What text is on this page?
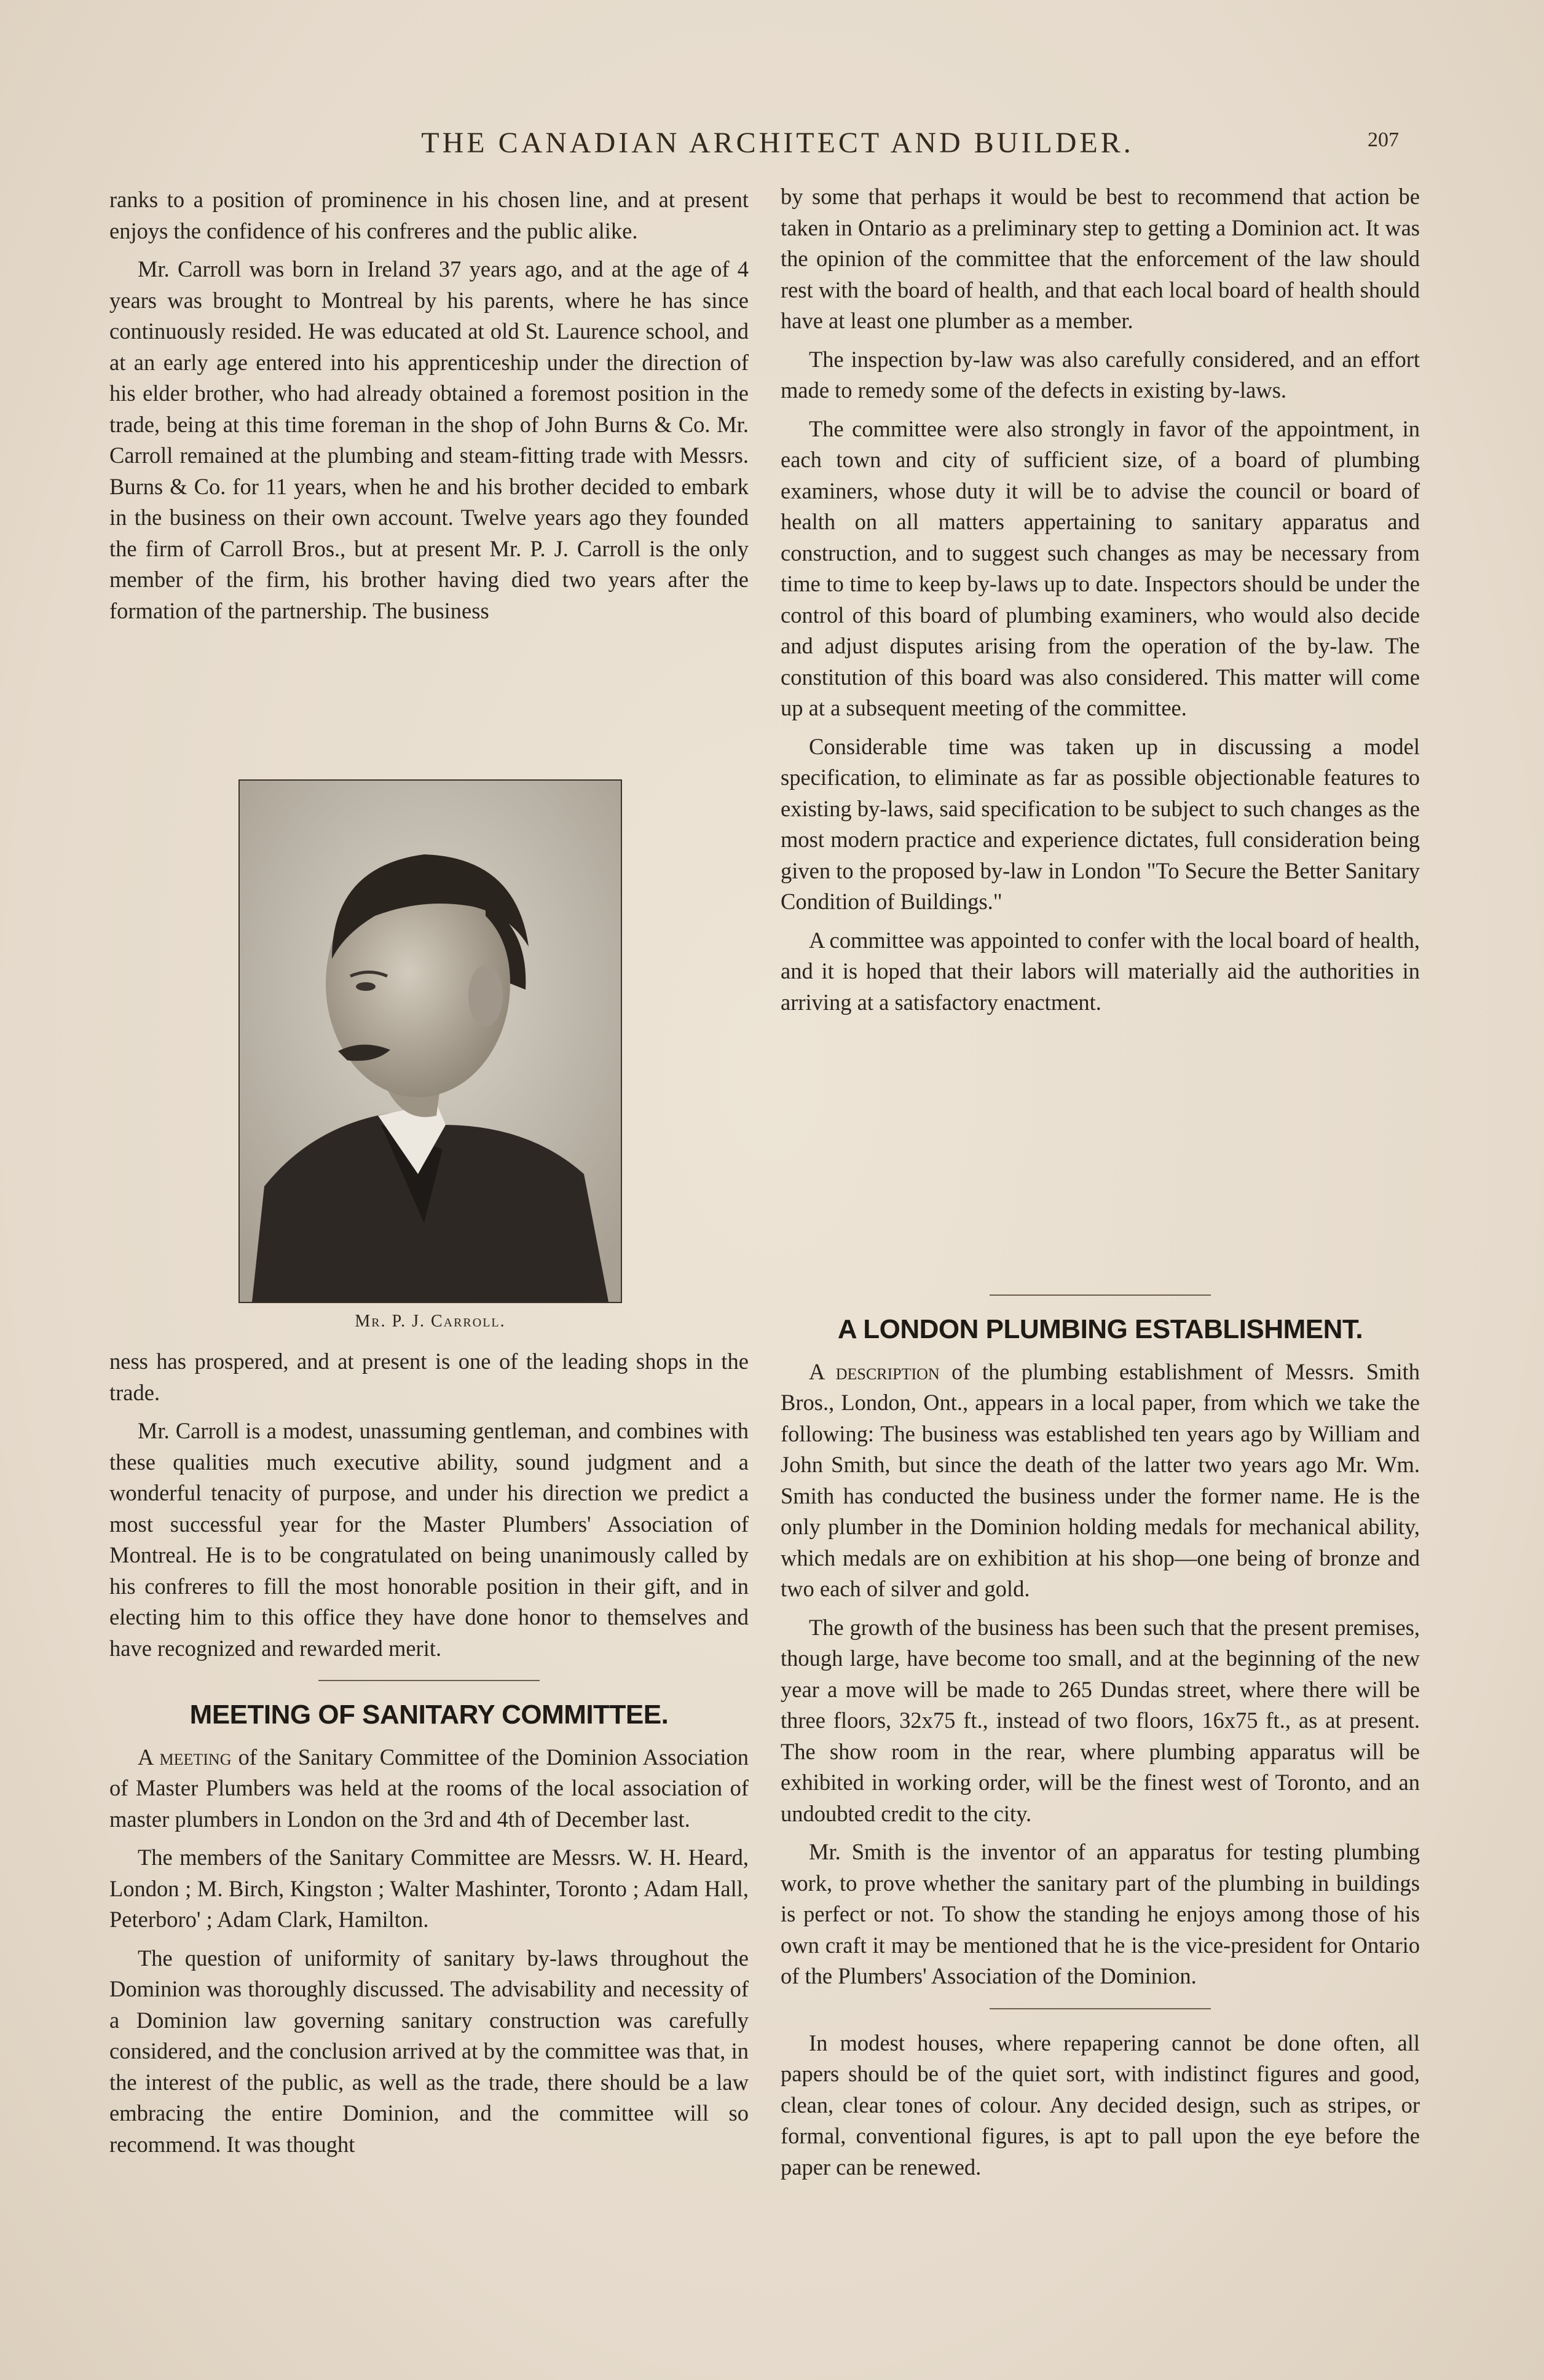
THE CANADIAN ARCHITECT AND BUILDER.	207

ranks to a position of prominence in his chosen line, and at present enjoys the confidence of his confreres and the public alike.

Mr. Carroll was born in Ireland 37 years ago, and at the age of 4 years was brought to Montreal by his parents, where he has since continuously resided. He was educated at old St. Laurence school, and at an early age entered into his apprenticeship under the direction of his elder brother, who had already obtained a foremost position in the trade, being at this time foreman in the shop of John Burns & Co. Mr. Carroll remained at the plumbing and steam-fitting trade with Messrs. Burns & Co. for 11 years, when he and his brother decided to embark in the business on their own account. Twelve years ago they founded the firm of Carroll Bros., but at present Mr. P. J. Carroll is the only member of the firm, his brother having died two years after the formation of the partnership. The business

Mr. P. J. Carroll.

ness has prospered, and at present is one of the leading shops in the trade.

Mr. Carroll is a modest, unassuming gentleman, and combines with these qualities much executive ability, sound judgment and a wonderful tenacity of purpose, and under his direction we predict a most successful year for the Master Plumbers' Association of Montreal. He is to be congratulated on being unanimously called by his confreres to fill the most honorable position in their gift, and in electing him to this office they have done honor to themselves and have recognized and rewarded merit.

MEETING OF SANITARY COMMITTEE.

A meeting of the Sanitary Committee of the Dominion Association of Master Plumbers was held at the rooms of the local association of master plumbers in London on the 3rd and 4th of December last.

The members of the Sanitary Committee are Messrs. W. H. Heard, London ; M. Birch, Kingston ; Walter Mashinter, Toronto ; Adam Hall, Peterboro' ; Adam Clark, Hamilton.

The question of uniformity of sanitary by-laws throughout the Dominion was thoroughly discussed. The advisability and necessity of a Dominion law governing sanitary construction was carefully considered, and the conclusion arrived at by the committee was that, in the interest of the public, as well as the trade, there should be a law embracing the entire Dominion, and the committee will so recommend. It was thought

by some that perhaps it would be best to recommend that action be taken in Ontario as a preliminary step to getting a Dominion act. It was the opinion of the committee that the enforcement of the law should rest with the board of health, and that each local board of health should have at least one plumber as a member.

The inspection by-law was also carefully considered, and an effort made to remedy some of the defects in existing by-laws.

The committee were also strongly in favor of the appointment, in each town and city of sufficient size, of a board of plumbing examiners, whose duty it will be to advise the council or board of health on all matters appertaining to sanitary apparatus and construction, and to suggest such changes as may be necessary from time to time to keep by-laws up to date. Inspectors should be under the control of this board of plumbing examiners, who would also decide and adjust disputes arising from the operation of the by-law. The constitution of this board was also considered. This matter will come up at a subsequent meeting of the committee.

Considerable time was taken up in discussing a model specification, to eliminate as far as possible objectionable features to existing by-laws, said specification to be subject to such changes as the most modern practice and experience dictates, full consideration being given to the proposed by-law in London "To Secure the Better Sanitary Condition of Buildings."

A committee was appointed to confer with the local board of health, and it is hoped that their labors will materially aid the authorities in arriving at a satisfactory enactment.

A LONDON PLUMBING ESTABLISHMENT.

A description of the plumbing establishment of Messrs. Smith Bros., London, Ont., appears in a local paper, from which we take the following: The business was established ten years ago by William and John Smith, but since the death of the latter two years ago Mr. Wm. Smith has conducted the business under the former name. He is the only plumber in the Dominion holding medals for mechanical ability, which medals are on exhibition at his shop—one being of bronze and two each of silver and gold.

The growth of the business has been such that the present premises, though large, have become too small, and at the beginning of the new year a move will be made to 265 Dundas street, where there will be three floors, 32x75 ft., instead of two floors, 16x75 ft., as at present. The show room in the rear, where plumbing apparatus will be exhibited in working order, will be the finest west of Toronto, and an undoubted credit to the city.

Mr. Smith is the inventor of an apparatus for testing plumbing work, to prove whether the sanitary part of the plumbing in buildings is perfect or not. To show the standing he enjoys among those of his own craft it may be mentioned that he is the vice-president for Ontario of the Plumbers' Association of the Dominion.

In modest houses, where repapering cannot be done often, all papers should be of the quiet sort, with indistinct figures and good, clean, clear tones of colour. Any decided design, such as stripes, or formal, conventional figures, is apt to pall upon the eye before the paper can be renewed.
